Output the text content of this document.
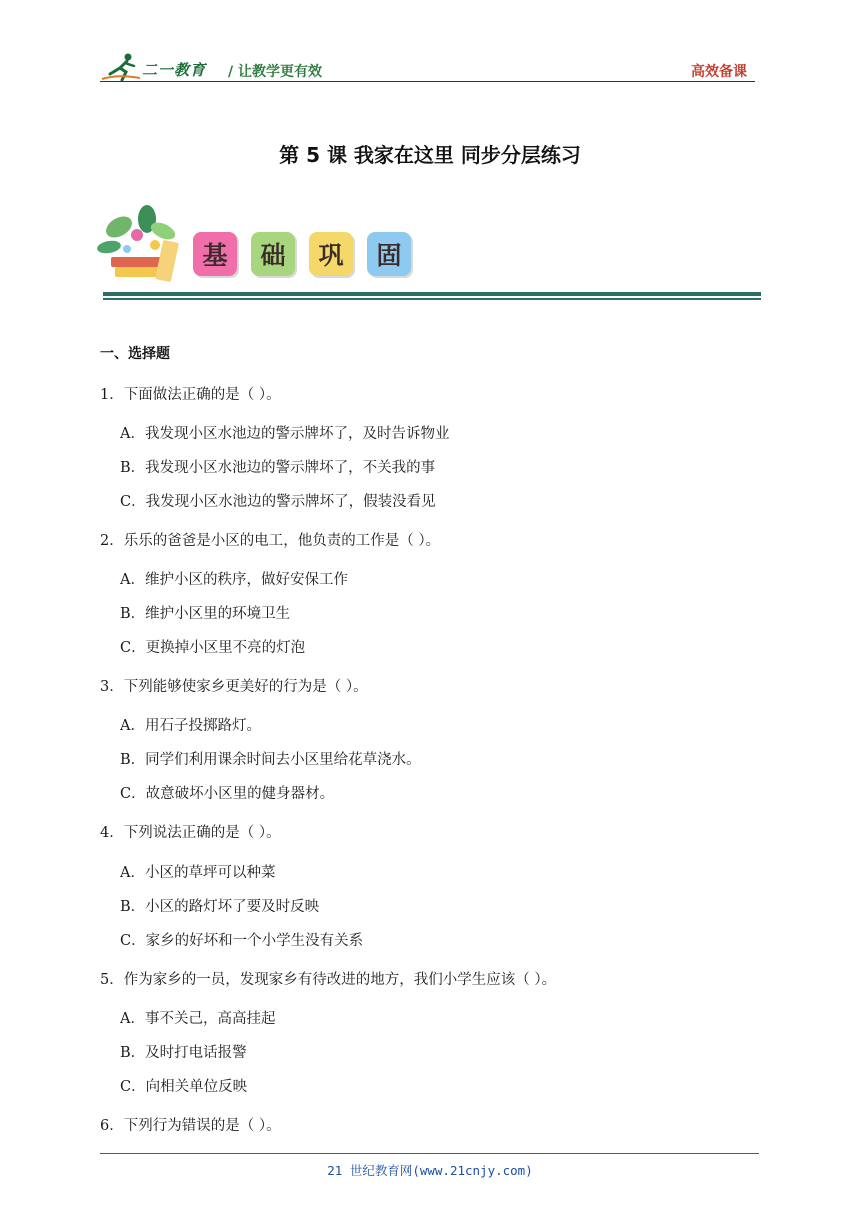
二一教育 / 让教学更有效	高效备课
第 5 课 我家在这里 同步分层练习
基	础	巩	固
一、选择题
1．下面做法正确的是（ ）。
A．我发现小区水池边的警示牌坏了，及时告诉物业
B．我发现小区水池边的警示牌坏了，不关我的事
C．我发现小区水池边的警示牌坏了，假装没看见
2．乐乐的爸爸是小区的电工，他负责的工作是（ ）。
A．维护小区的秩序，做好安保工作
B．维护小区里的环境卫生
C．更换掉小区里不亮的灯泡
3．下列能够使家乡更美好的行为是（ ）。
A．用石子投掷路灯。
B．同学们利用课余时间去小区里给花草浇水。
C．故意破坏小区里的健身器材。
4．下列说法正确的是（ ）。
A．小区的草坪可以种菜
B．小区的路灯坏了要及时反映
C．家乡的好坏和一个小学生没有关系
5．作为家乡的一员，发现家乡有待改进的地方，我们小学生应该（ ）。
A．事不关己，高高挂起
B．及时打电话报警
C．向相关单位反映
6．下列行为错误的是（ ）。
21 世纪教育网(www.21cnjy.com)
